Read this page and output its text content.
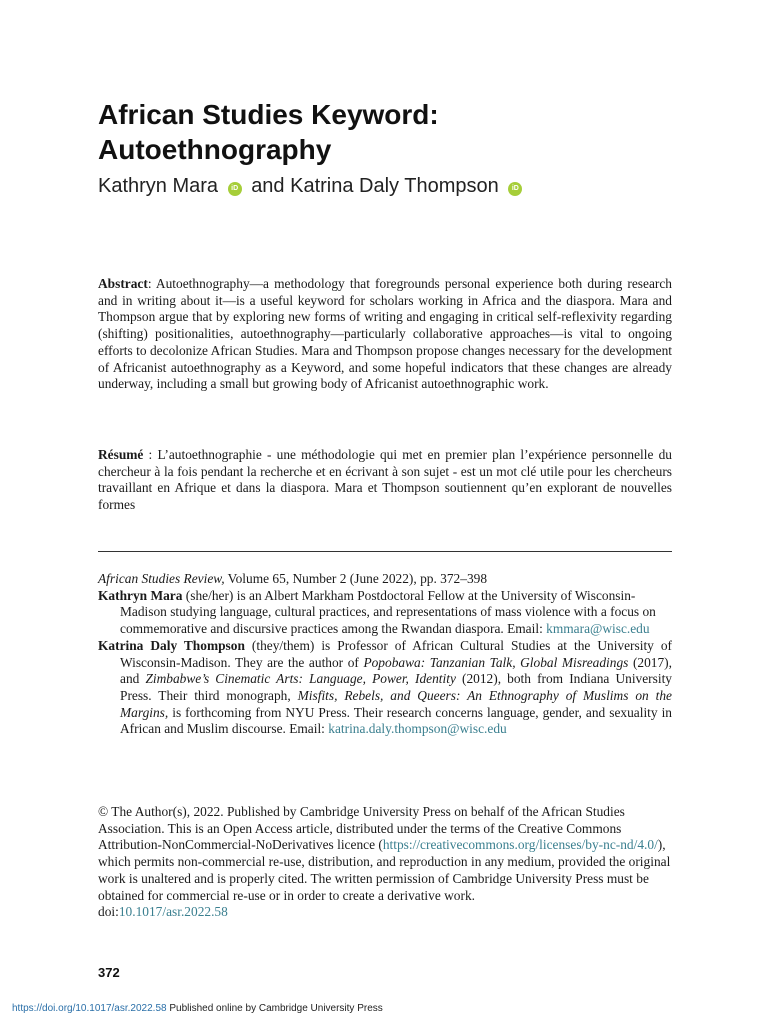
African Studies Keyword:
Autoethnography
Kathryn Mara iD and Katrina Daly Thompson iD

Abstract: Autoethnography—a methodology that foregrounds personal experience both during research and in writing about it—is a useful keyword for scholars working in Africa and the diaspora. Mara and Thompson argue that by exploring new forms of writing and engaging in critical self-reflexivity regarding (shifting) positionalities, autoethnography—particularly collaborative approaches—is vital to ongoing efforts to decolonize African Studies. Mara and Thompson propose changes necessary for the development of Africanist autoethnography as a Keyword, and some hopeful indicators that these changes are already underway, including a small but growing body of Africanist autoethnographic work.

Résumé : L’autoethnographie - une méthodologie qui met en premier plan l’expérience personnelle du chercheur à la fois pendant la recherche et en écrivant à son sujet - est un mot clé utile pour les chercheurs travaillant en Afrique et dans la diaspora. Mara et Thompson soutiennent qu’en explorant de nouvelles formes

African Studies Review, Volume 65, Number 2 (June 2022), pp. 372–398

Kathryn Mara (she/her) is an Albert Markham Postdoctoral Fellow at the University of Wisconsin-Madison studying language, cultural practices, and representations of mass violence with a focus on commemorative and discursive practices among the Rwandan diaspora. Email: kmmara@wisc.edu

Katrina Daly Thompson (they/them) is Professor of African Cultural Studies at the University of Wisconsin-Madison. They are the author of Popobawa: Tanzanian Talk, Global Misreadings (2017), and Zimbabwe’s Cinematic Arts: Language, Power, Identity (2012), both from Indiana University Press. Their third monograph, Misfits, Rebels, and Queers: An Ethnography of Muslims on the Margins, is forthcoming from NYU Press. Their research concerns language, gender, and sexuality in African and Muslim discourse. Email: katrina.daly.thompson@wisc.edu

© The Author(s), 2022. Published by Cambridge University Press on behalf of the African Studies Association. This is an Open Access article, distributed under the terms of the Creative Commons Attribution-NonCommercial-NoDerivatives licence (https://creativecommons.org/licenses/by-nc-nd/4.0/), which permits non-commercial re-use, distribution, and reproduction in any medium, provided the original work is unaltered and is properly cited. The written permission of Cambridge University Press must be obtained for commercial re-use or in order to create a derivative work.

doi:10.1017/asr.2022.58

372
https://doi.org/10.1017/asr.2022.58 Published online by Cambridge University Press
